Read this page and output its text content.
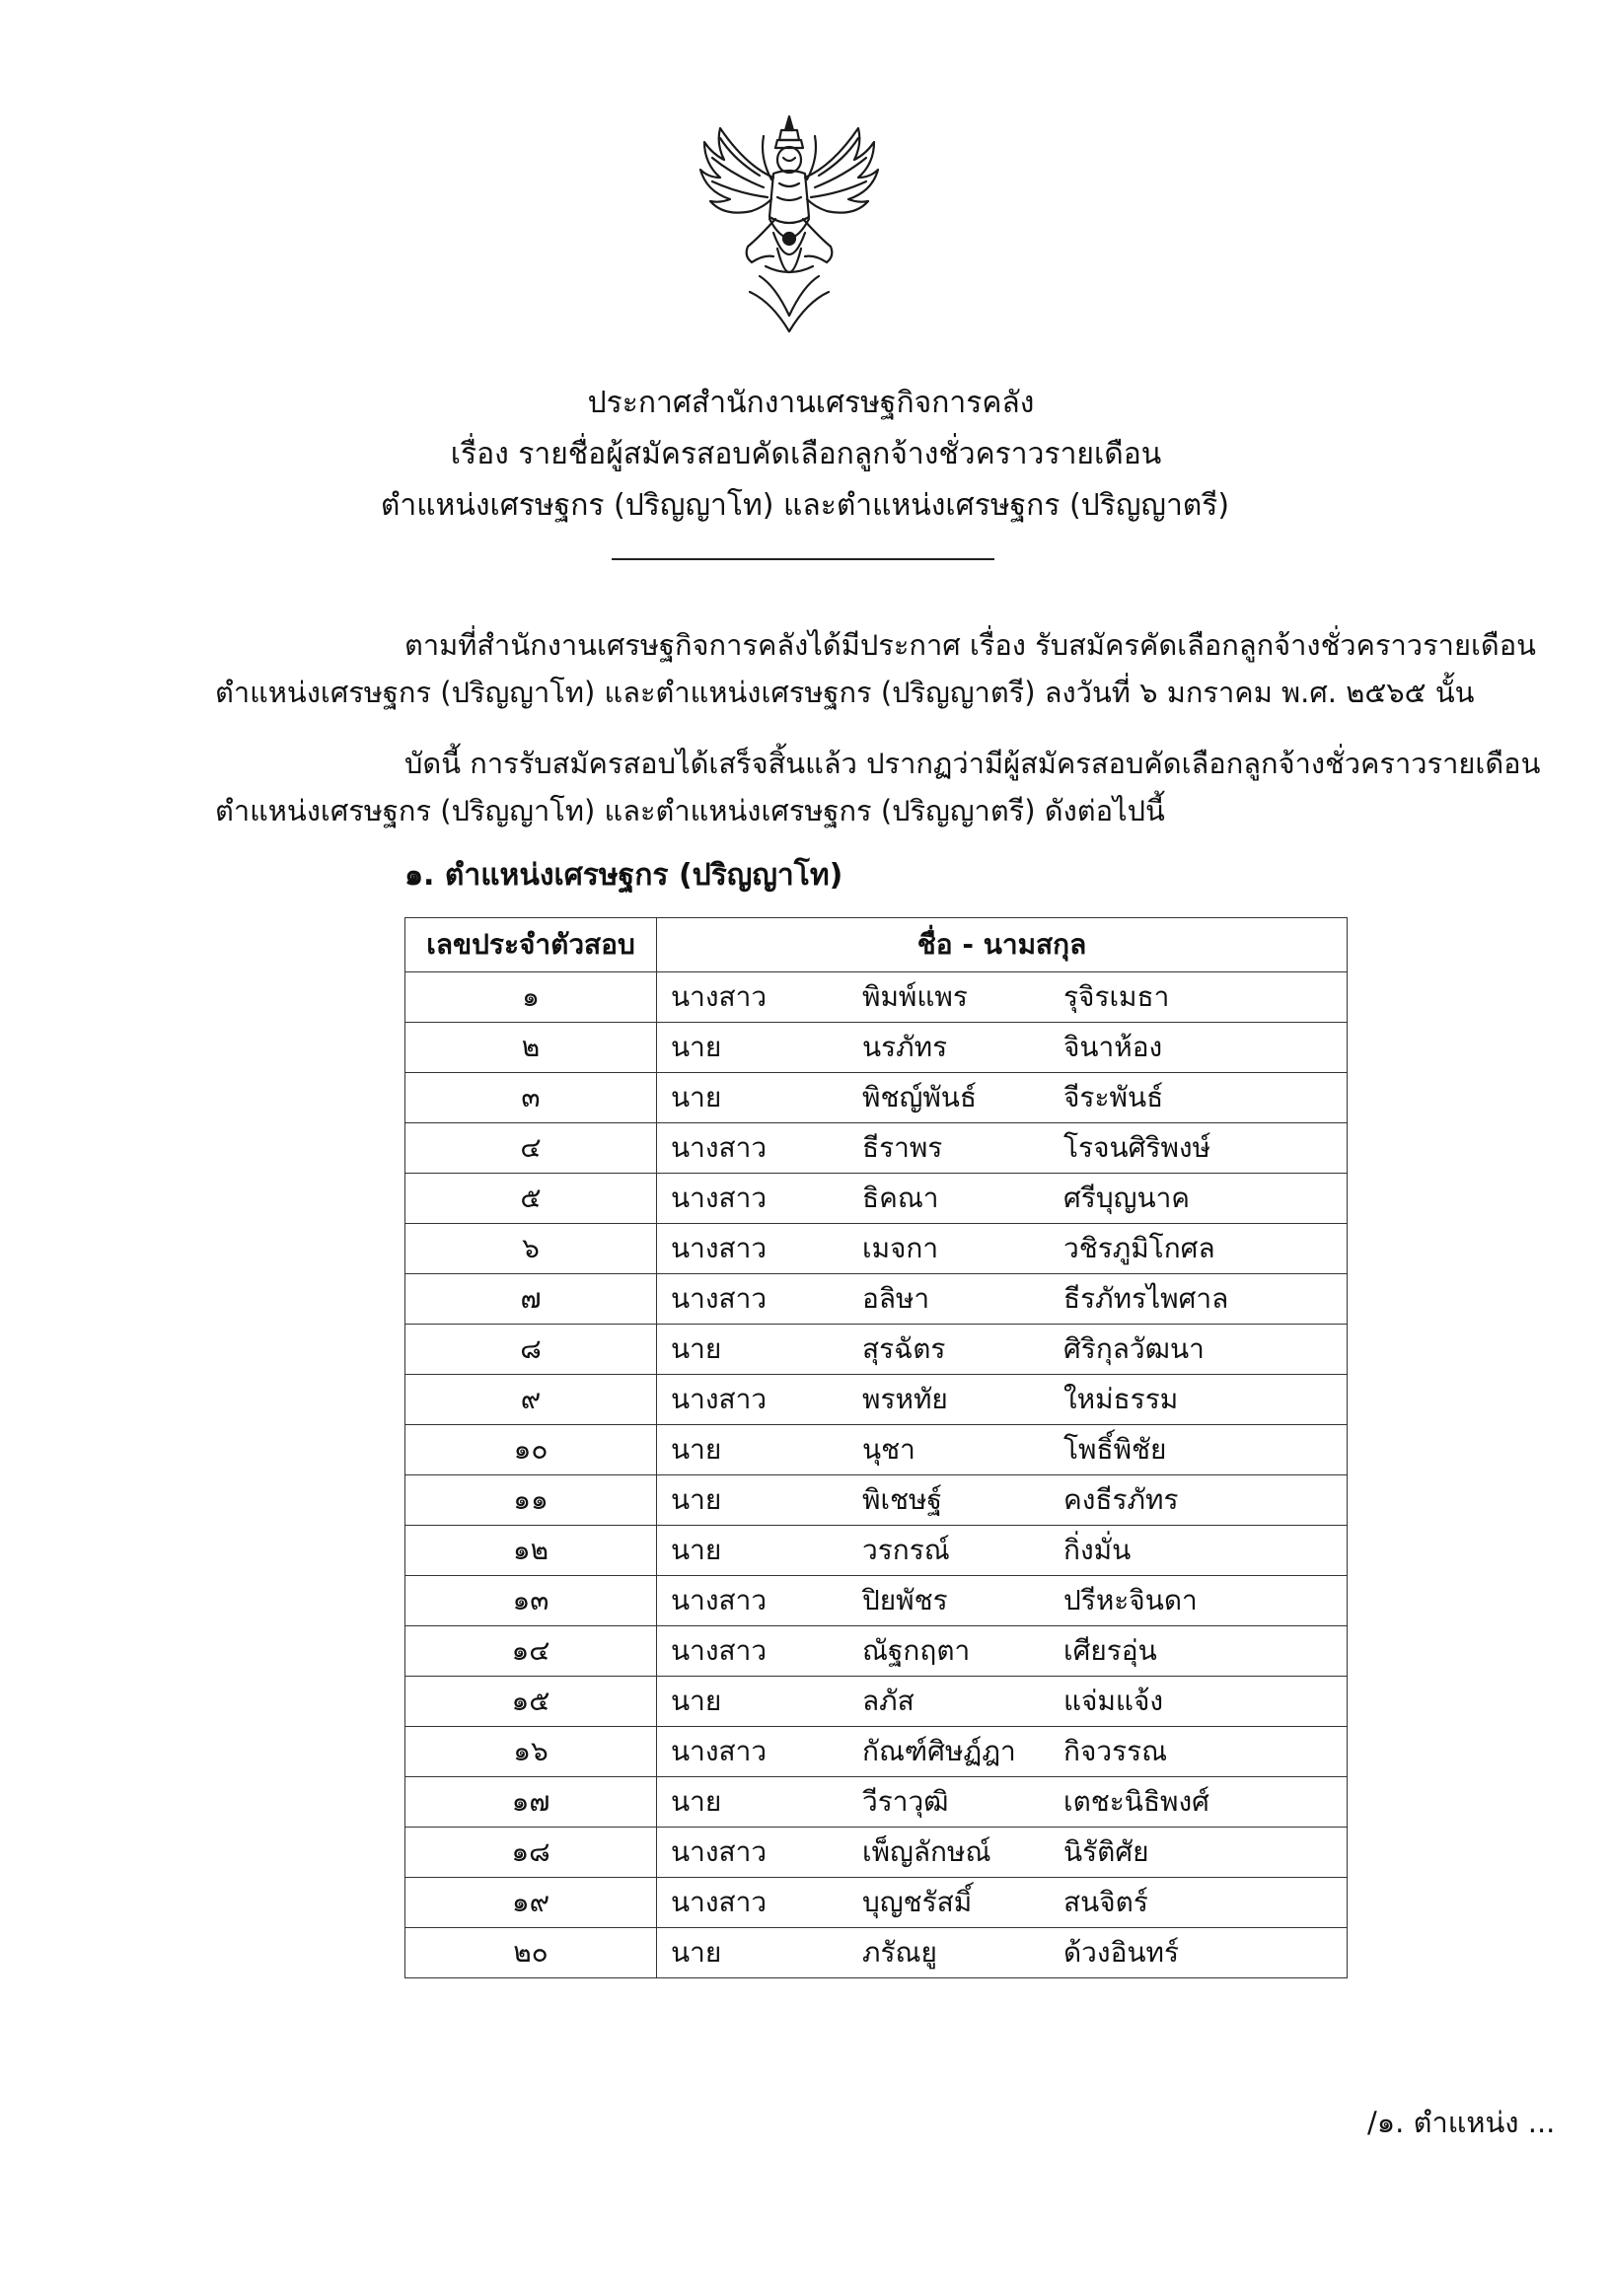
ประกาศสำนักงานเศรษฐกิจการคลัง
เรื่อง รายชื่อผู้สมัครสอบคัดเลือกลูกจ้างชั่วคราวรายเดือน
ตำแหน่งเศรษฐกร (ปริญญาโท) และตำแหน่งเศรษฐกร (ปริญญาตรี)
ตามที่สำนักงานเศรษฐกิจการคลังได้มีประกาศ เรื่อง รับสมัครคัดเลือกลูกจ้างชั่วคราวรายเดือน
ตำแหน่งเศรษฐกร (ปริญญาโท) และตำแหน่งเศรษฐกร (ปริญญาตรี) ลงวันที่ ๖ มกราคม พ.ศ. ๒๕๖๕ นั้น
บัดนี้ การรับสมัครสอบได้เสร็จสิ้นแล้ว ปรากฏว่ามีผู้สมัครสอบคัดเลือกลูกจ้างชั่วคราวรายเดือน
ตำแหน่งเศรษฐกร (ปริญญาโท) และตำแหน่งเศรษฐกร (ปริญญาตรี) ดังต่อไปนี้
๑. ตำแหน่งเศรษฐกร (ปริญญาโท)
เลขประจำตัวสอบ	ชื่อ - นามสกุล		
๑	นางสาว	พิมพ์แพร	รุจิรเมธา
๒	นาย	นรภัทร	จินาห้อง
๓	นาย	พิชญ์พันธ์	จีระพันธ์
๔	นางสาว	ธีราพร	โรจนศิริพงษ์
๕	นางสาว	ธิคณา	ศรีบุญนาค
๖	นางสาว	เมจกา	วชิรภูมิโกศล
๗	นางสาว	อลิษา	ธีรภัทรไพศาล
๘	นาย	สุรฉัตร	ศิริกุลวัฒนา
๙	นางสาว	พรหทัย	ใหม่ธรรม
๑๐	นาย	นุชา	โพธิ์พิชัย
๑๑	นาย	พิเชษฐ์	คงธีรภัทร
๑๒	นาย	วรกรณ์	กิ่งมั่น
๑๓	นางสาว	ปิยพัชร	ปรีหะจินดา
๑๔	นางสาว	ณัฐกฤตา	เศียรอุ่น
๑๕	นาย	ลภัส	แจ่มแจ้ง
๑๖	นางสาว	กัณฑ์ศิษฏ์ฎา	กิจวรรณ
๑๗	นาย	วีราวุฒิ	เตชะนิธิพงศ์
๑๘	นางสาว	เพ็ญลักษณ์	นิรัติศัย
๑๙	นางสาว	บุญชรัสมิ์	สนจิตร์
๒๐	นาย	ภรัณยู	ด้วงอินทร์
/๑. ตำแหน่ง ...
